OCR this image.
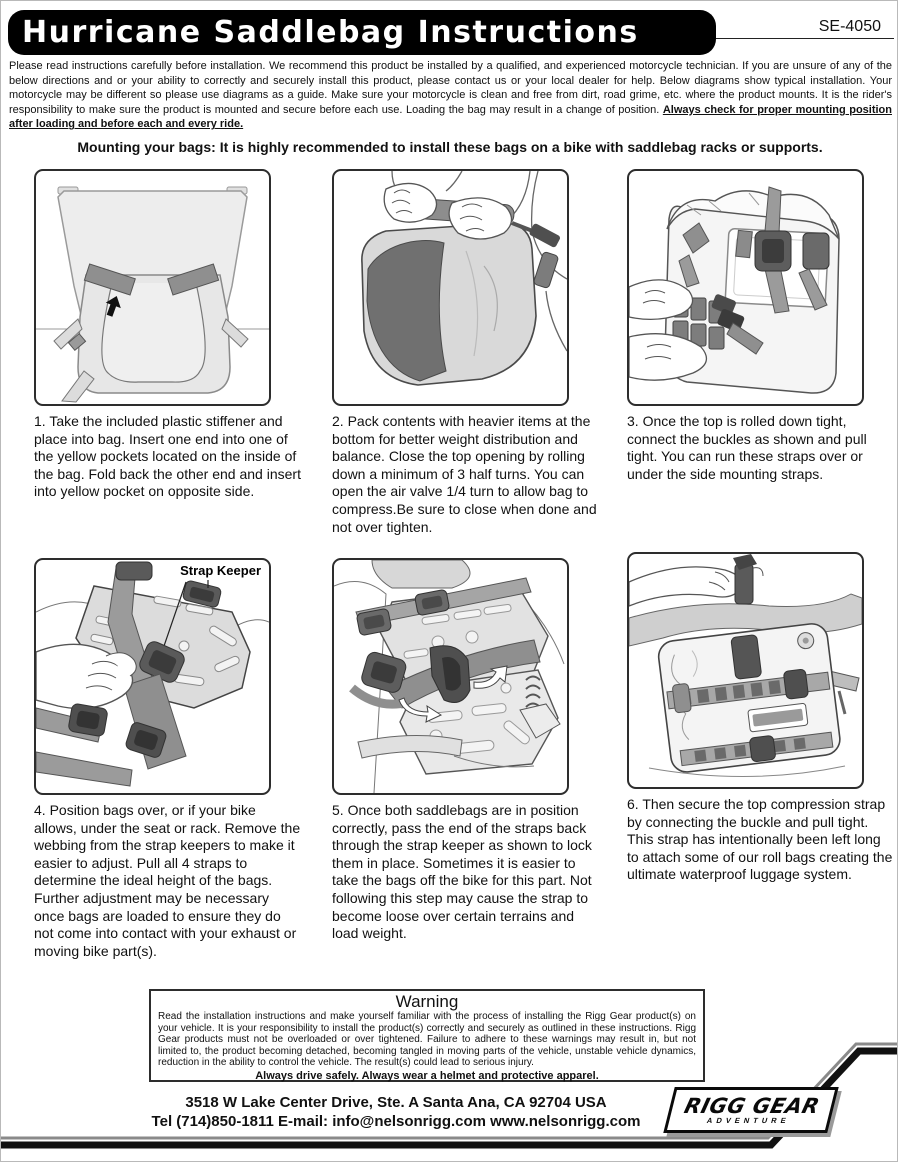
Hurricane Saddlebag Instructions	SE-4050

Please read instructions carefully before installation. We recommend this product be installed by a qualified, and experienced motorcycle technician. If you are unsure of any of the below directions and or your ability to correctly and securely install this product, please contact us or your local dealer for help. Below diagrams show typical installation. Your motorcycle may be different so please use diagrams as a guide. Make sure your motorcycle is clean and free from dirt, road grime, etc. where the product mounts. It is the rider's responsibility to make sure the product is mounted and secure before each use. Loading the bag may result in a change of position. Always check for proper mounting position after loading and before each and every ride.

Mounting your bags: It is highly recommended to install these bags on a bike with saddlebag racks or supports.

1. Take the included plastic stiffener and place into bag. Insert one end into one of the yellow pockets located on the inside of the bag. Fold back the other end and insert into yellow pocket on opposite side.
2. Pack contents with heavier items at the bottom for better weight distribution and balance. Close the top opening by rolling down a minimum of 3 half turns. You can open the air valve 1/4 turn to allow bag to compress.Be sure to close when done and not over tighten.
3. Once the top is rolled down tight, connect the buckles as shown and pull tight. You can run these straps over or under the side mounting straps.
Strap Keeper
4. Position bags over, or if your bike allows, under the seat or rack. Remove the webbing from the strap keepers to make it easier to adjust. Pull all 4 straps to determine the ideal height of the bags. Further adjustment may be necessary once bags are loaded to ensure they do not come into contact with your exhaust or moving bike part(s).
5. Once both saddlebags are in position correctly, pass the end of the straps back through the strap keeper as shown to lock them in place. Sometimes it is easier to take the bags off the bike for this part. Not following this step may cause the strap to become loose over certain terrains and load weight.
6. Then secure the top compression strap by connecting the buckle and pull tight. This strap has intentionally been left long to attach some of our roll bags creating the ultimate waterproof luggage system.
Warning

Read the installation instructions and make yourself familiar with the process of installing the Rigg Gear product(s) on your vehicle. It is your responsibility to install the product(s) correctly and securely as outlined in these instructions. Rigg Gear products must not be overloaded or over tightened. Failure to adhere to these warnings may result in, but not limited to, the product becoming detached, becoming tangled in moving parts of the vehicle, unstable vehicle dynamics, reduction in the ability to control the vehicle. The result(s) could lead to serious injury.

Always drive safely. Always wear a helmet and protective apparel.

3518 W Lake Center Drive, Ste. A Santa Ana, CA 92704 USA
Tel (714)850-1811 E-mail: info@nelsonrigg.com www.nelsonrigg.com
RIGG GEAR
ADVENTURE
